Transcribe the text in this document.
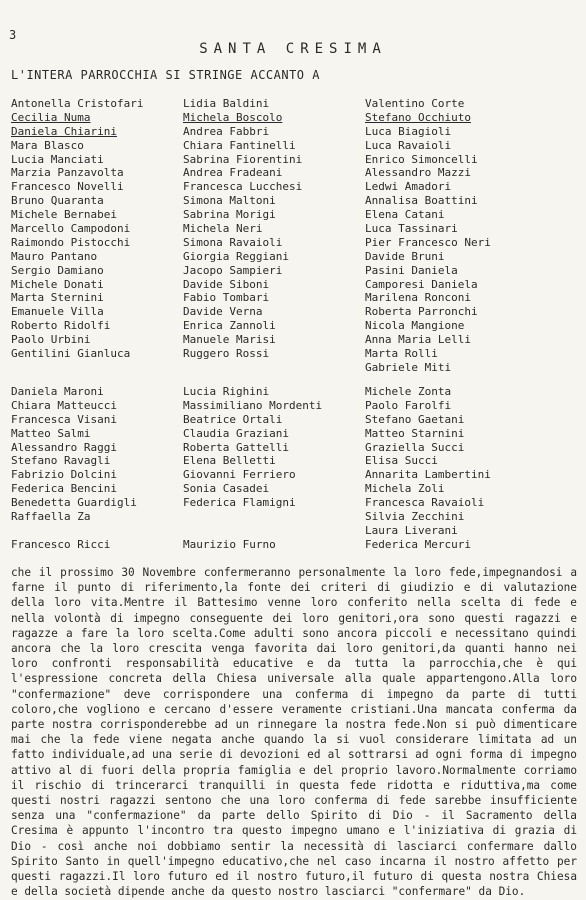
3
SANTA CRESIMA
L'INTERA PARROCCHIA SI STRINGE ACCANTO A
Antonella Cristofari
Cecilia Numa
Daniela Chiarini
Mara Blasco
Lucia Manciati
Marzia Panzavolta
Francesco Novelli
Bruno Quaranta
Michele Bernabei
Marcello Campodoni
Raimondo Pistocchi
Mauro Pantano
Sergio Damiano
Michele Donati
Marta Sternini
Emanuele Villa
Roberto Ridolfi
Paolo Urbini
Gentilini Gianluca
Lidia Baldini
Michela Boscolo
Andrea Fabbri
Chiara Fantinelli
Sabrina Fiorentini
Andrea Fradeani
Francesca Lucchesi
Simona Maltoni
Sabrina Morigi
Michela Neri
Simona Ravaioli
Giorgia Reggiani
Jacopo Sampieri
Davide Siboni
Fabio Tombari
Davide Verna
Enrica Zannoli
Manuele Marisi
Ruggero Rossi
Valentino Corte
Stefano Occhiuto
Luca Biagioli
Luca Ravaioli
Enrico Simoncelli
Alessandro Mazzi
Ledwi Amadori
Annalisa Boattini
Elena Catani
Luca Tassinari
Pier Francesco Neri
Davide Bruni
Pasini Daniela
Camporesi Daniela
Marilena Ronconi
Roberta Parronchi
Nicola Mangione
Anna Maria Lelli
Marta Rolli
Gabriele Miti
Daniela Maroni
Chiara Matteucci
Francesca Visani
Matteo Salmi
Alessandro Raggi
Stefano Ravagli
Fabrizio Dolcini
Federica Bencini
Benedetta Guardigli
Raffaella Za
Francesco Ricci
Lucia Righini
Massimiliano Mordenti
Beatrice Ortali
Claudia Graziani
Roberta Gattelli
Elena Belletti
Giovanni Ferriero
Sonia Casadei
Federica Flamigni
Maurizio Furno
Michele Zonta
Paolo Farolfi
Stefano Gaetani
Matteo Starnini
Graziella Succi
Elisa Succi
Annarita Lambertini
Michela Zoli
Francesca Ravaioli
Silvia Zecchini
Laura Liverani
Federica Mercuri
che il prossimo 30 Novembre confermeranno personalmente la loro fede,impegnandosi a farne il punto di riferimento,la fonte dei criteri di giudizio e di valutazione della loro vita.Mentre il Battesimo venne loro conferito nella scelta di fede e nella volontà di impegno conseguente dei loro genitori,ora sono questi ragazzi e ragazze a fare la loro scelta.Come adulti sono ancora piccoli e necessitano quindi ancora che la loro crescita venga favorita dai loro genitori,da quanti hanno nei loro confronti responsabilità educative e da tutta la parrocchia,che è qui l'espressione concreta della Chiesa universale alla quale appartengono.Alla loro "confermazione" deve corrispondere una conferma di impegno da parte di tutti coloro,che vogliono e cercano d'essere veramente cristiani.Una mancata conferma da parte nostra corrisponderebbe ad un rinnegare la nostra fede.Non si può dimenticare mai che la fede viene negata anche quando la si vuol considerare limitata ad un fatto individuale,ad una serie di devozioni ed al sottrarsi ad ogni forma di impegno attivo al di fuori della propria famiglia e del proprio lavoro.Normalmente corriamo il rischio di trincerarci tranquilli in questa fede ridotta e riduttiva,ma come questi nostri ragazzi sentono che una loro conferma di fede sarebbe insufficiente senza una "confermazione" da parte dello Spirito di Dio - il Sacramento della Cresima è appunto l'incontro tra questo impegno umano e l'iniziativa di grazia di Dio - così anche noi dobbiamo sentir la necessità di lasciarci confermare dallo Spirito Santo in quell'impegno educativo,che nel caso incarna il nostro affetto per questi ragazzi.Il loro futuro ed il nostro futuro,il futuro di questa nostra Chiesa e della società dipende anche da questo nostro lasciarci "confermare" da Dio.
